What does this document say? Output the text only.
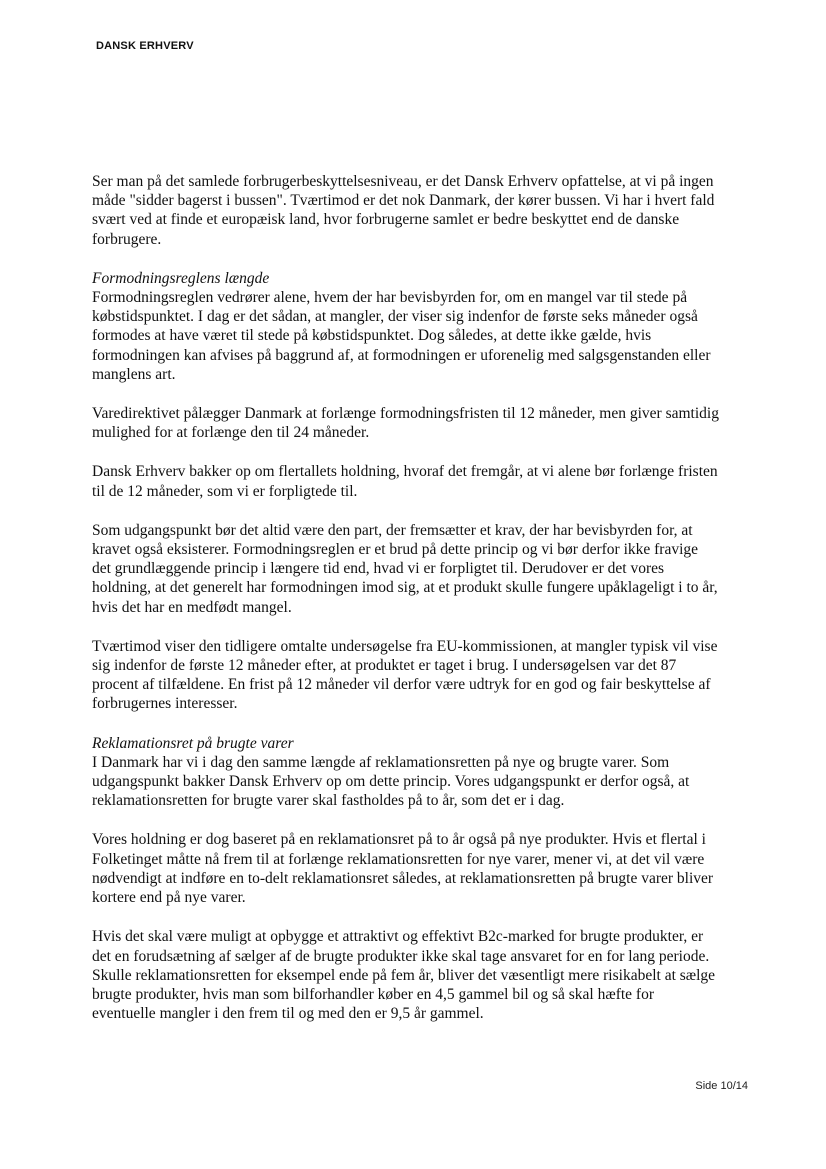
DANSK ERHVERV

Ser man på det samlede forbrugerbeskyttelsesniveau, er det Dansk Erhverv opfattelse, at vi på ingen måde "sidder bagerst i bussen". Tværtimod er det nok Danmark, der kører bussen. Vi har i hvert fald svært ved at finde et europæisk land, hvor forbrugerne samlet er bedre beskyttet end de danske forbrugere.

Formodningsreglens længde

Formodningsreglen vedrører alene, hvem der har bevisbyrden for, om en mangel var til stede på købstidspunktet. I dag er det sådan, at mangler, der viser sig indenfor de første seks måneder også formodes at have været til stede på købstidspunktet. Dog således, at dette ikke gælde, hvis formodningen kan afvises på baggrund af, at formodningen er uforenelig med salgsgenstanden eller manglens art.

Varedirektivet pålægger Danmark at forlænge formodningsfristen til 12 måneder, men giver samtidig mulighed for at forlænge den til 24 måneder.

Dansk Erhverv bakker op om flertallets holdning, hvoraf det fremgår, at vi alene bør forlænge fristen til de 12 måneder, som vi er forpligtede til.

Som udgangspunkt bør det altid være den part, der fremsætter et krav, der har bevisbyrden for, at kravet også eksisterer. Formodningsreglen er et brud på dette princip og vi bør derfor ikke fravige det grundlæggende princip i længere tid end, hvad vi er forpligtet til. Derudover er det vores holdning, at det generelt har formodningen imod sig, at et produkt skulle fungere upåklageligt i to år, hvis det har en medfødt mangel.

Tværtimod viser den tidligere omtalte undersøgelse fra EU-kommissionen, at mangler typisk vil vise sig indenfor de første 12 måneder efter, at produktet er taget i brug. I undersøgelsen var det 87 procent af tilfældene. En frist på 12 måneder vil derfor være udtryk for en god og fair beskyttelse af forbrugernes interesser.

Reklamationsret på brugte varer

I Danmark har vi i dag den samme længde af reklamationsretten på nye og brugte varer. Som udgangspunkt bakker Dansk Erhverv op om dette princip. Vores udgangspunkt er derfor også, at reklamationsretten for brugte varer skal fastholdes på to år, som det er i dag.

Vores holdning er dog baseret på en reklamationsret på to år også på nye produkter. Hvis et flertal i Folketinget måtte nå frem til at forlænge reklamationsretten for nye varer, mener vi, at det vil være nødvendigt at indføre en to-delt reklamationsret således, at reklamationsretten på brugte varer bliver kortere end på nye varer.

Hvis det skal være muligt at opbygge et attraktivt og effektivt B2c-marked for brugte produkter, er det en forudsætning af sælger af de brugte produkter ikke skal tage ansvaret for en for lang periode. Skulle reklamationsretten for eksempel ende på fem år, bliver det væsentligt mere risikabelt at sælge brugte produkter, hvis man som bilforhandler køber en 4,5 gammel bil og så skal hæfte for eventuelle mangler i den frem til og med den er 9,5 år gammel.

Side 10/14
